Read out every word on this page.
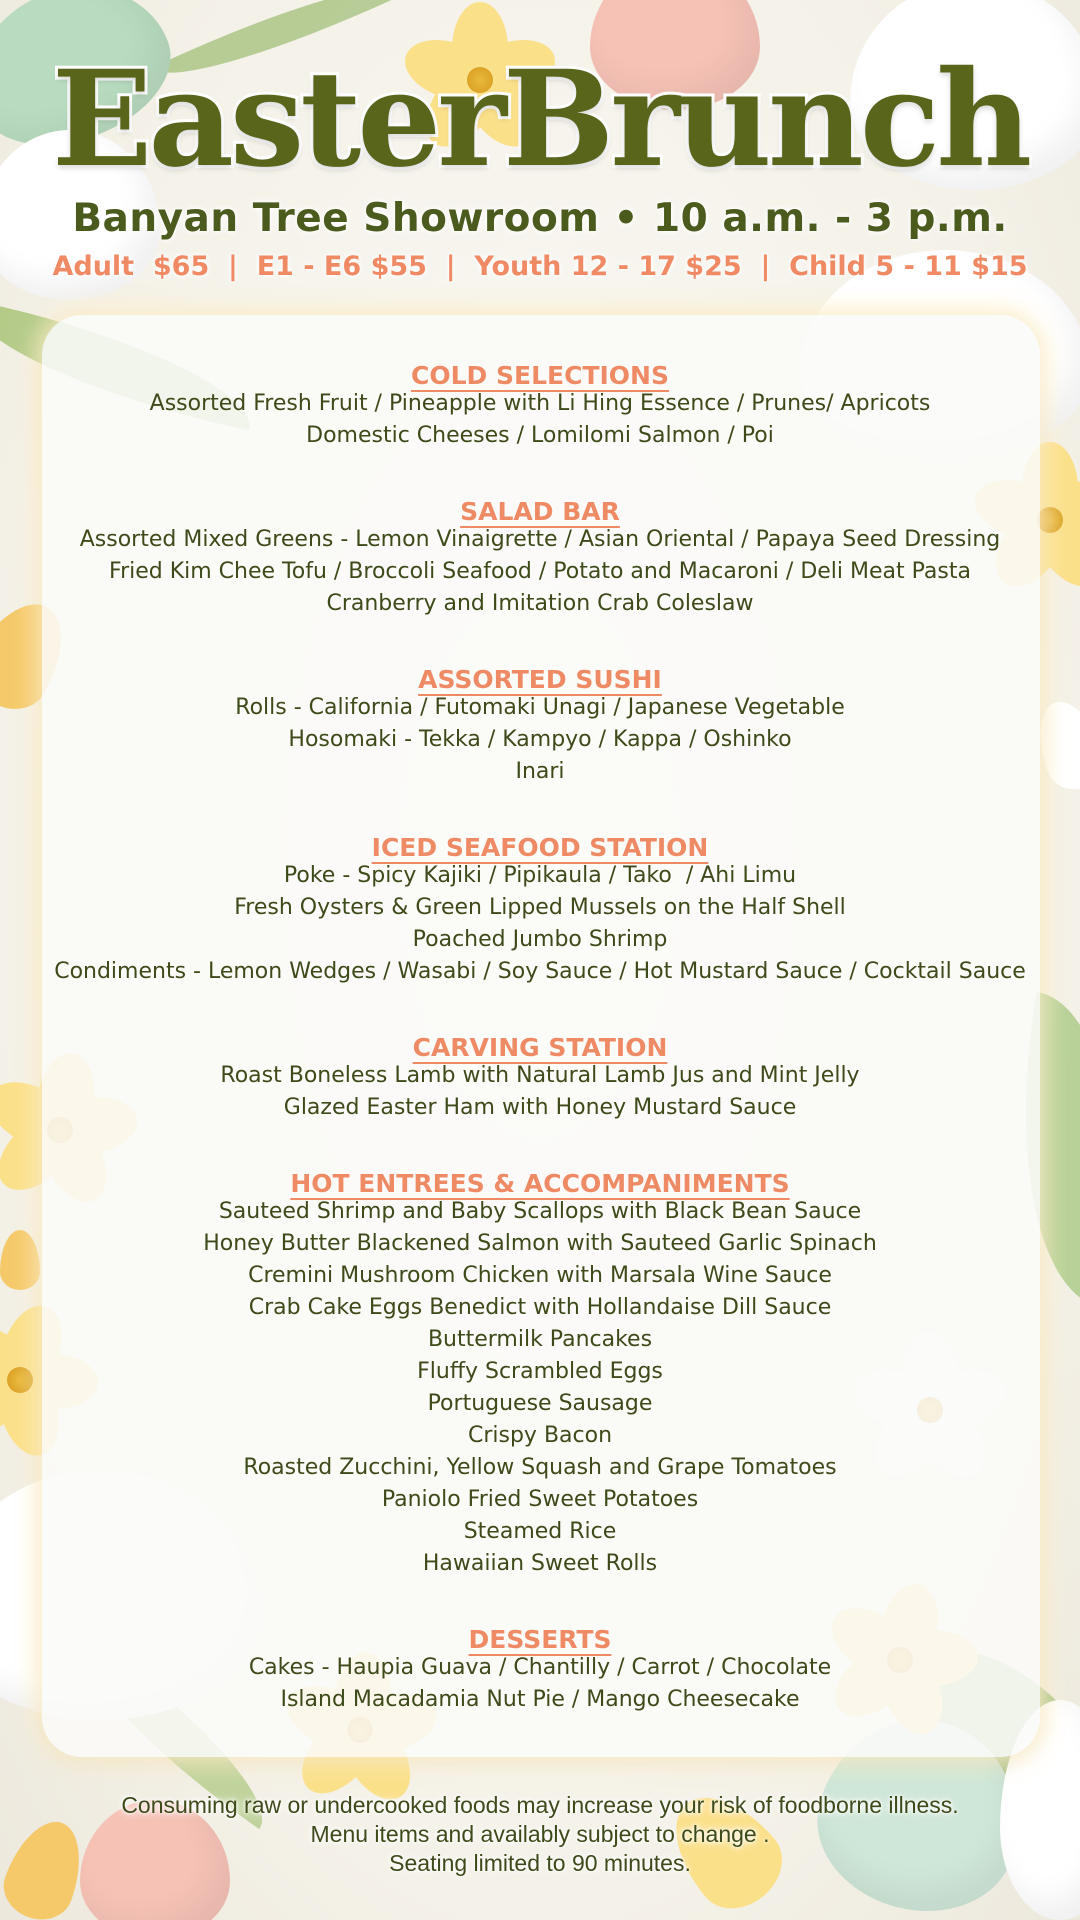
EasterBrunch
Banyan Tree Showroom • 10 a.m. - 3 p.m.
Adult  $65  |  E1 - E6 $55  |  Youth 12 - 17 $25  |  Child 5 - 11 $15
COLD SELECTIONS
Assorted Fresh Fruit / Pineapple with Li Hing Essence / Prunes/ Apricots
Domestic Cheeses / Lomilomi Salmon / Poi
SALAD BAR
Assorted Mixed Greens - Lemon Vinaigrette / Asian Oriental / Papaya Seed Dressing
Fried Kim Chee Tofu / Broccoli Seafood / Potato and Macaroni / Deli Meat Pasta
Cranberry and Imitation Crab Coleslaw
ASSORTED SUSHI
Rolls - California / Futomaki Unagi / Japanese Vegetable
Hosomaki - Tekka / Kampyo / Kappa / Oshinko
Inari
ICED SEAFOOD STATION
Poke - Spicy Kajiki / Pipikaula / Tako  / Ahi Limu
Fresh Oysters & Green Lipped Mussels on the Half Shell
Poached Jumbo Shrimp
Condiments - Lemon Wedges / Wasabi / Soy Sauce / Hot Mustard Sauce / Cocktail Sauce
CARVING STATION
Roast Boneless Lamb with Natural Lamb Jus and Mint Jelly
Glazed Easter Ham with Honey Mustard Sauce
HOT ENTREES & ACCOMPANIMENTS
Sauteed Shrimp and Baby Scallops with Black Bean Sauce
Honey Butter Blackened Salmon with Sauteed Garlic Spinach
Cremini Mushroom Chicken with Marsala Wine Sauce
Crab Cake Eggs Benedict with Hollandaise Dill Sauce
Buttermilk Pancakes
Fluffy Scrambled Eggs
Portuguese Sausage
Crispy Bacon
Roasted Zucchini, Yellow Squash and Grape Tomatoes
Paniolo Fried Sweet Potatoes
Steamed Rice
Hawaiian Sweet Rolls
DESSERTS
Cakes - Haupia Guava / Chantilly / Carrot / Chocolate
Island Macadamia Nut Pie / Mango Cheesecake
Consuming raw or undercooked foods may increase your risk of foodborne illness.
Menu items and availably subject to change .
Seating limited to 90 minutes.
